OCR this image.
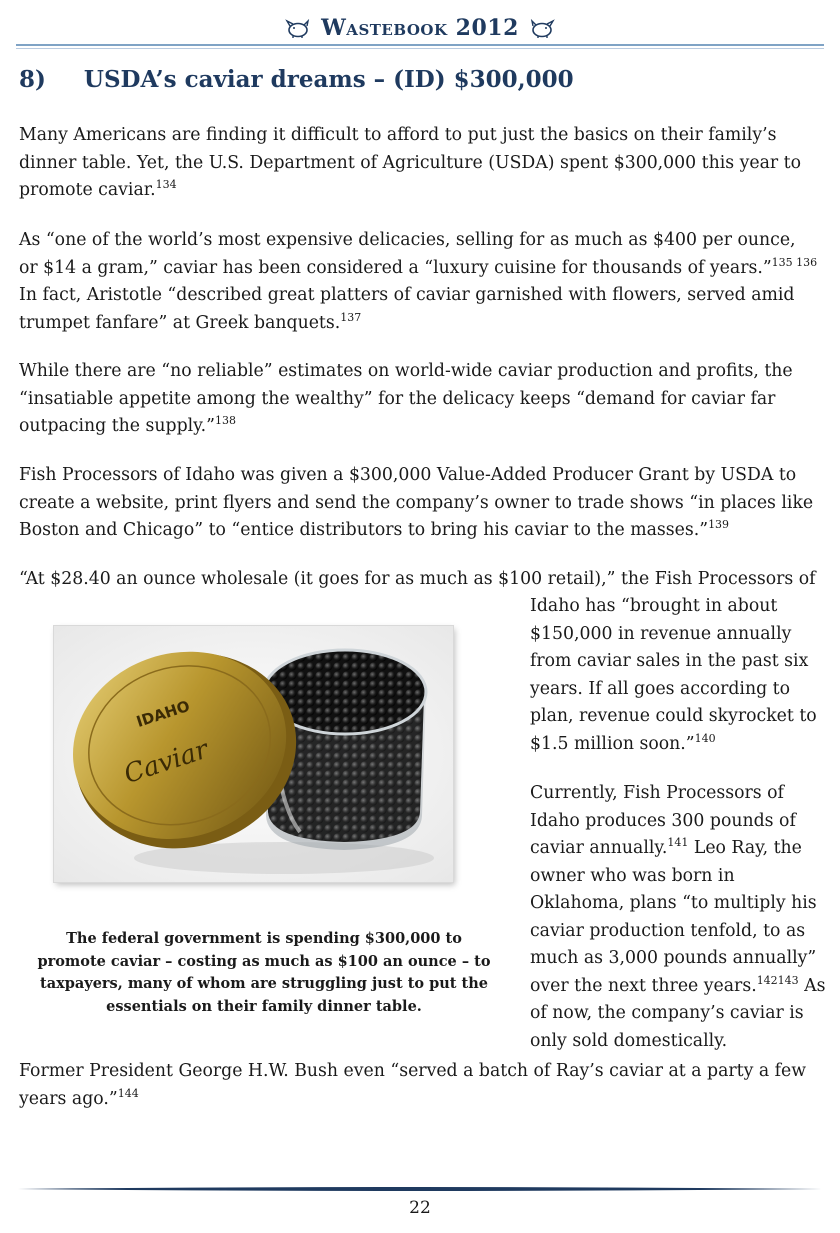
Wastebook 2012
8) USDA’s caviar dreams – (ID) $300,000

Many Americans are finding it difficult to afford to put just the basics on their family’s dinner table. Yet, the U.S. Department of Agriculture (USDA) spent $300,000 this year to promote caviar.$^{134}$

As “one of the world’s most expensive delicacies, selling for as much as $400 per ounce, or $14 a gram,” caviar has been considered a “luxury cuisine for thousands of years.”$^{135 136}$ In fact, Aristotle “described great platters of caviar garnished with flowers, served amid trumpet fanfare” at Greek banquets.$^{137}$

While there are “no reliable” estimates on world-wide caviar production and profits, the “insatiable appetite among the wealthy” for the delicacy keeps “demand for caviar far outpacing the supply.”$^{138}$

Fish Processors of Idaho was given a $300,000 Value-Added Producer Grant by USDA to create a website, print flyers and send the company’s owner to trade shows “in places like Boston and Chicago” to “entice distributors to bring his caviar to the masses.”$^{139}$

“At $28.40 an ounce wholesale (it goes for as much as $100 retail),” the Fish Processors of

Idaho has “brought in about $150,000 in revenue annually from caviar sales in the past six years. If all goes according to plan, revenue could skyrocket to $1.5 million soon.”$^{140}$

Currently, Fish Processors of Idaho produces 300 pounds of caviar annually.$^{141}$ Leo Ray, the owner who was born in Oklahoma, plans “to multiply his caviar production tenfold, to as much as 3,000 pounds annually” over the next three years.$^{142143}$ As of now, the company’s caviar is only sold domestically.

IDAHO
Caviar

The federal government is spending $300,000 to promote caviar – costing as much as $100 an ounce – to taxpayers, many of whom are struggling just to put the essentials on their family dinner table.

Former President George H.W. Bush even “served a batch of Ray’s caviar at a party a few years ago.”$^{144}$

22
